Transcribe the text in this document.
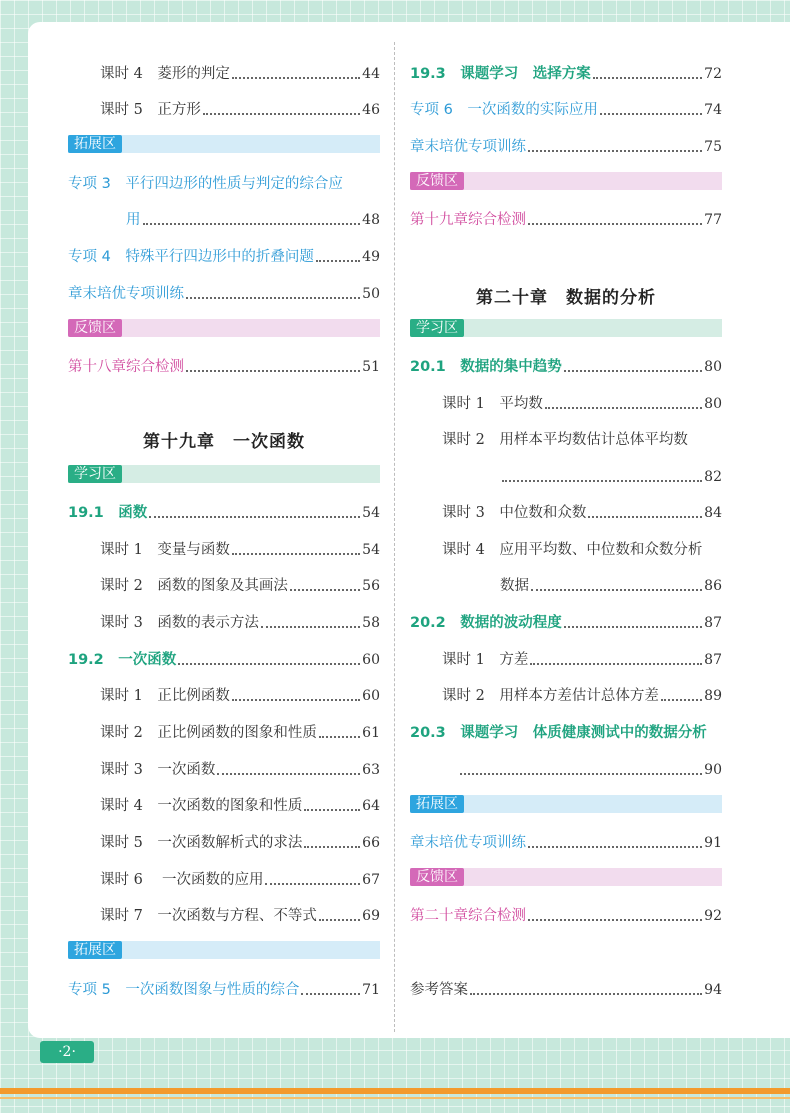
课时 4　菱形的判定	44
课时 5　正方形	46
拓展区
专项 3　平行四边形的性质与判定的综合应
用	48
专项 4　特殊平行四边形中的折叠问题	49
章末培优专项训练	50
反馈区
第十八章综合检测	51
第十九章　一次函数
学习区
19.1　函数	54
课时 1　变量与函数	54
课时 2　函数的图象及其画法	56
课时 3　函数的表示方法	58
19.2　一次函数	60
课时 1　正比例函数	60
课时 2　正比例函数的图象和性质	61
课时 3　一次函数	63
课时 4　一次函数的图象和性质	64
课时 5　一次函数解析式的求法	66
课时 6　 一次函数的应用	67
课时 7　一次函数与方程、不等式	69
拓展区
专项 5　一次函数图象与性质的综合	71
19.3　课题学习　选择方案	72
专项 6　一次函数的实际应用	74
章末培优专项训练	75
反馈区
第十九章综合检测	77
第二十章　数据的分析
学习区
20.1　数据的集中趋势	80
课时 1　平均数	80
课时 2　用样本平均数估计总体平均数
82
课时 3　中位数和众数	84
课时 4　应用平均数、中位数和众数分析
数据	86
20.2　数据的波动程度	87
课时 1　方差	87
课时 2　用样本方差估计总体方差	89
20.3　课题学习　体质健康测试中的数据分析
90
拓展区
章末培优专项训练	91
反馈区
第二十章综合检测	92
参考答案	94
·2·
